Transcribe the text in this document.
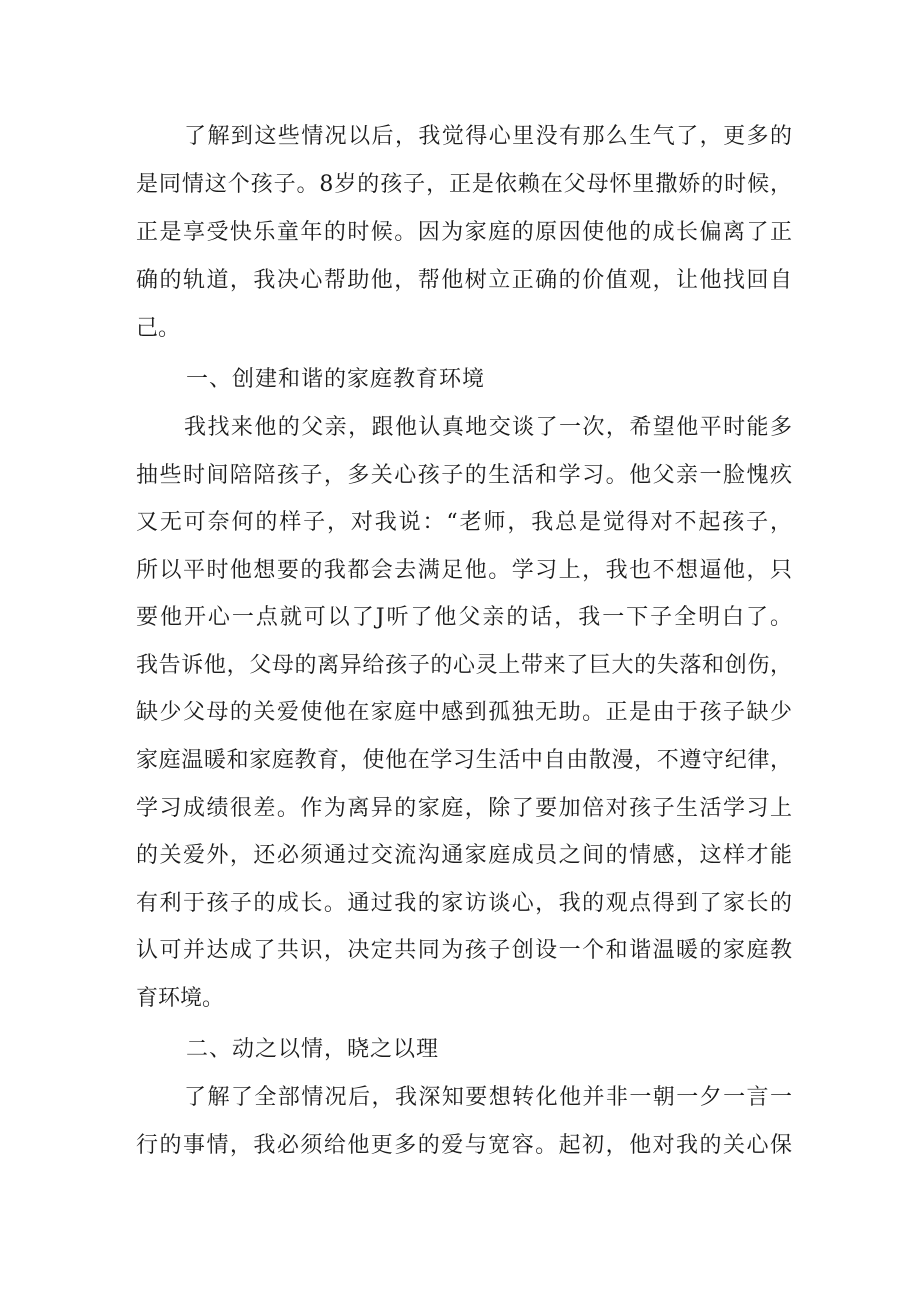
了解到这些情况以后，我觉得心里没有那么生气了，更多的
是同情这个孩子。8岁的孩子，正是依赖在父母怀里撒娇的时候，
正是享受快乐童年的时候。因为家庭的原因使他的成长偏离了正
确的轨道，我决心帮助他，帮他树立正确的价值观，让他找回自
己。
一、创建和谐的家庭教育环境
我找来他的父亲，跟他认真地交谈了一次，希望他平时能多
抽些时间陪陪孩子，多关心孩子的生活和学习。他父亲一脸愧疚
又无可奈何的样子，对我说：“老师，我总是觉得对不起孩子，
所以平时他想要的我都会去满足他。学习上，我也不想逼他，只
要他开心一点就可以了J听了他父亲的话，我一下子全明白了。
我告诉他，父母的离异给孩子的心灵上带来了巨大的失落和创伤，
缺少父母的关爱使他在家庭中感到孤独无助。正是由于孩子缺少
家庭温暖和家庭教育，使他在学习生活中自由散漫，不遵守纪律，
学习成绩很差。作为离异的家庭，除了要加倍对孩子生活学习上
的关爱外，还必须通过交流沟通家庭成员之间的情感，这样才能
有利于孩子的成长。通过我的家访谈心，我的观点得到了家长的
认可并达成了共识，决定共同为孩子创设一个和谐温暖的家庭教
育环境。
二、动之以情，晓之以理
了解了全部情况后，我深知要想转化他并非一朝一夕一言一
行的事情，我必须给他更多的爱与宽容。起初，他对我的关心保
